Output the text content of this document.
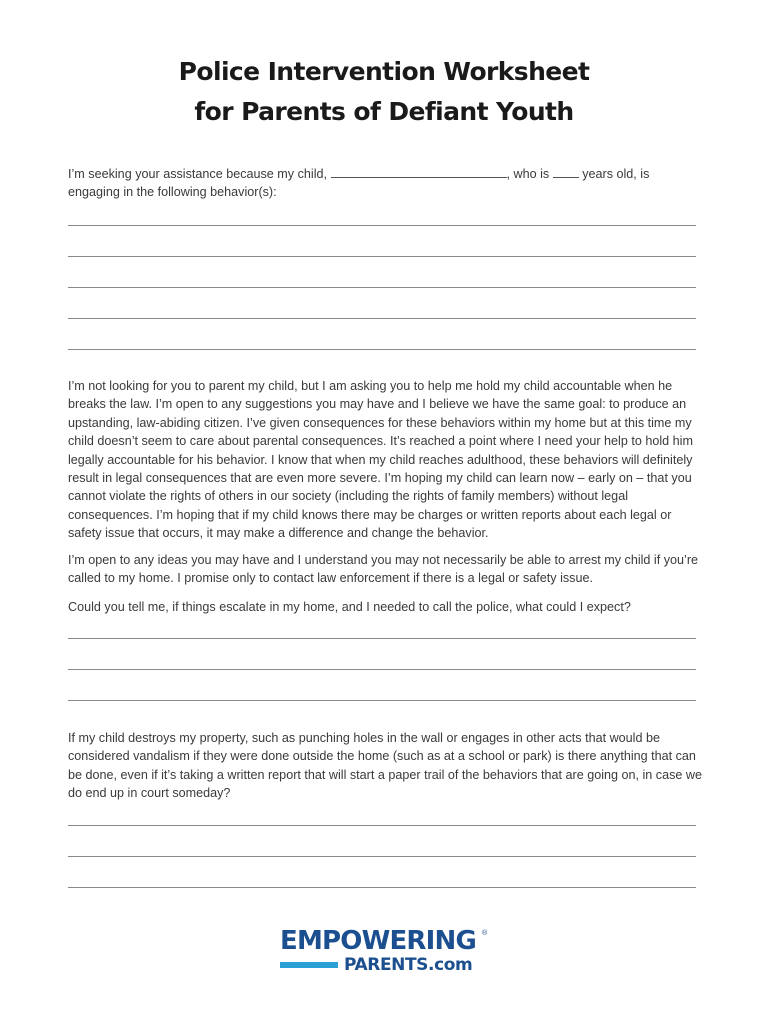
Police Intervention Worksheet
for Parents of Defiant Youth

I’m seeking your assistance because my child,	, who is  years old, is engaging in the following behavior(s):

I’m not looking for you to parent my child, but I am asking you to help me hold my child accountable when he breaks the law. I’m open to any suggestions you may have and I believe we have the same goal: to produce an upstanding, law-abiding citizen. I’ve given consequences for these behaviors within my home but at this time my child doesn’t seem to care about parental consequences. It’s reached a point where I need your help to hold him legally accountable for his behavior. I know that when my child reaches adulthood, these behaviors will definitely result in legal consequences that are even more severe. I’m hoping my child can learn now – early on – that you cannot violate the rights of others in our society (including the rights of family members) without legal consequences. I’m hoping that if my child knows there may be charges or written reports about each legal or safety issue that occurs, it may make a difference and change the behavior.

I’m open to any ideas you may have and I understand you may not necessarily be able to arrest my child if you’re called to my home. I promise only to contact law enforcement if there is a legal or safety issue.

Could you tell me, if things escalate in my home, and I needed to call the police, what could I expect?

If my child destroys my property, such as punching holes in the wall or engages in other acts that would be considered vandalism if they were done outside the home (such as at a school or park) is there anything that can be done, even if it’s taking a written report that will start a paper trail of the behaviors that are going on, in case we do end up in court someday?

EMPOWERING ®
PARENTS.com
